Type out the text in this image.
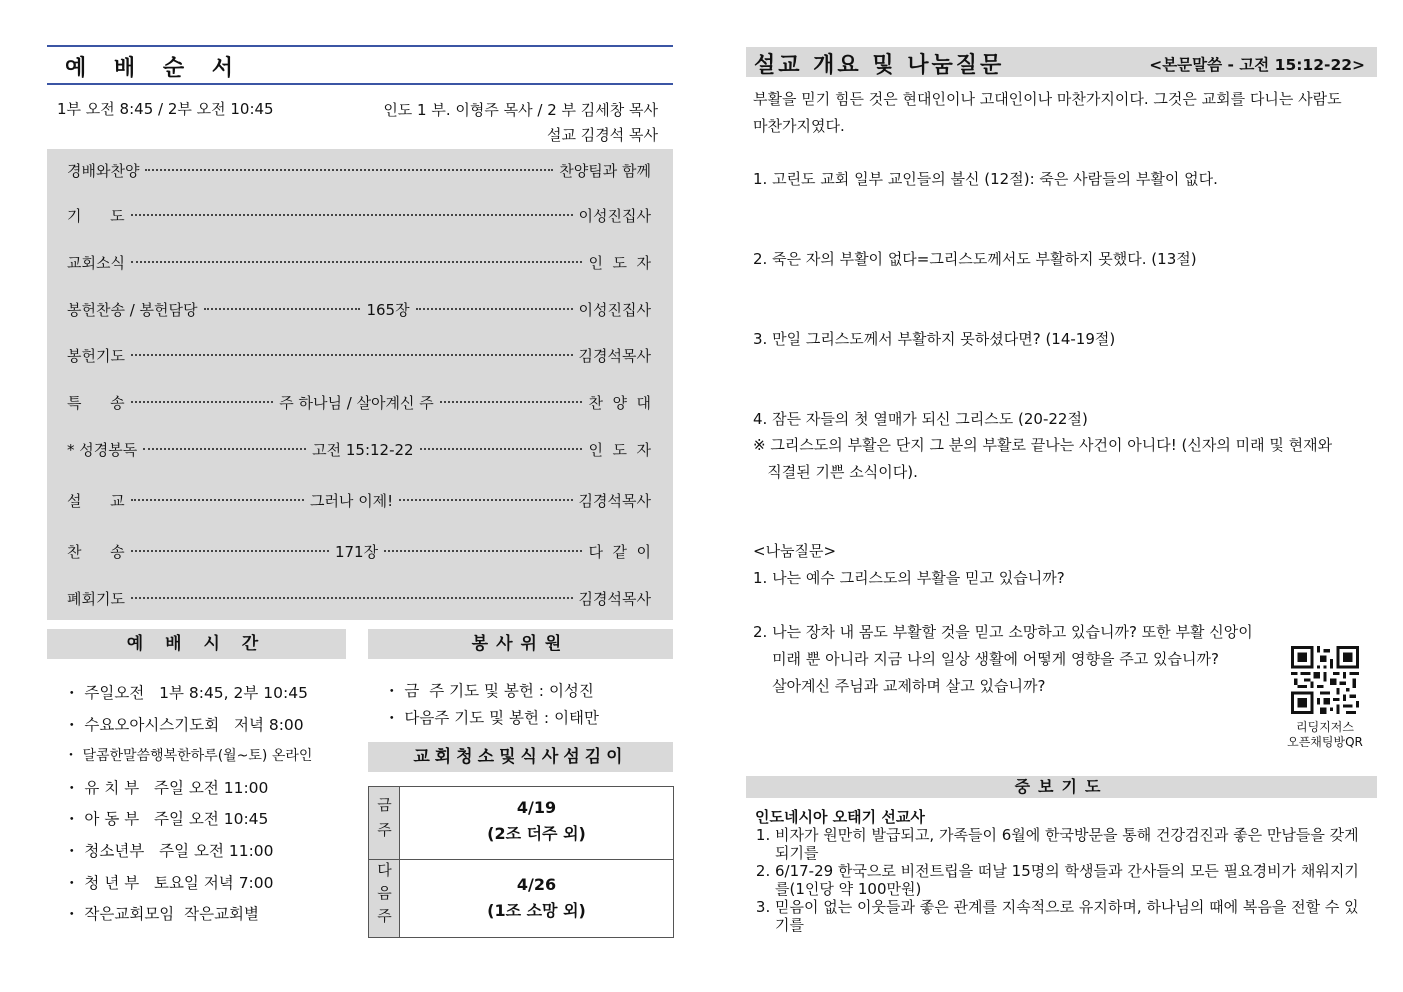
예 배 순 서
1부 오전 8:45 / 2부 오전 10:45	인도 1 부. 이형주 목사 / 2 부 김세창 목사
설교 김경석 목사
경배와찬양	찬양팀과 함께
기      도	이성진집사
교회소식	인  도  자
봉헌찬송 / 봉헌담당	165장	이성진집사
봉헌기도	김경석목사
특      송	주 하나님 / 살아계신 주	찬  양  대
* 성경봉독	고전 15:12-22	인  도  자
설      교	그러나 이제!	김경석목사
찬      송	171장	다  같  이
폐회기도	김경석목사
예 배 시 간
・ 주일오전   1부 8:45, 2부 10:45
・ 수요오아시스기도회   저녁 8:00
・ 달콤한말씀행복한하루(월~토) 온라인
・ 유 치 부   주일 오전 11:00
・ 아 동 부   주일 오전 10:45
・ 청소년부   주일 오전 11:00
・ 청 년 부   토요일 저녁 7:00
・ 작은교회모임  작은교회별
봉사위원
・ 금  주 기도 및 봉헌 : 이성진
・ 다음주 기도 및 봉헌 : 이태만
교회청소및식사섬김이
금주	4/19
(2조 더주 외)
다음주	4/26
(1조 소망 외)
설교 개요 및 나눔질문	<본문말씀 - 고전 15:12-22>
부활을 믿기 힘든 것은 현대인이나 고대인이나 마찬가지이다. 그것은 교회를 다니는 사람도
마찬가지였다.
1. 고린도 교회 일부 교인들의 불신 (12절): 죽은 사람들의 부활이 없다.
2. 죽은 자의 부활이 없다=그리스도께서도 부활하지 못했다. (13절)
3. 만일 그리스도께서 부활하지 못하셨다면? (14-19절)
4. 잠든 자들의 첫 열매가 되신 그리스도 (20-22절)
※ 그리스도의 부활은 단지 그 분의 부활로 끝나는 사건이 아니다! (신자의 미래 및 현재와
직결된 기쁜 소식이다).
<나눔질문>
1. 나는 예수 그리스도의 부활을 믿고 있습니까?
2. 나는 장차 내 몸도 부활할 것을 믿고 소망하고 있습니까? 또한 부활 신앙이
미래 뿐 아니라 지금 나의 일상 생활에 어떻게 영향을 주고 있습니까?
살아계신 주님과 교제하며 살고 있습니까?
리딩지저스
오픈채팅방QR
중보기도
인도네시아 오태기 선교사
1. 비자가 원만히 발급되고, 가족들이 6월에 한국방문을 통해 건강검진과 좋은 만남들을 갖게 되기를
2. 6/17-29 한국으로 비전트립을 떠날 15명의 학생들과 간사들의 모든 필요경비가 채워지기를(1인당 약 100만원)
3. 믿음이 없는 이웃들과 좋은 관계를 지속적으로 유지하며, 하나님의 때에 복음을 전할 수 있기를
